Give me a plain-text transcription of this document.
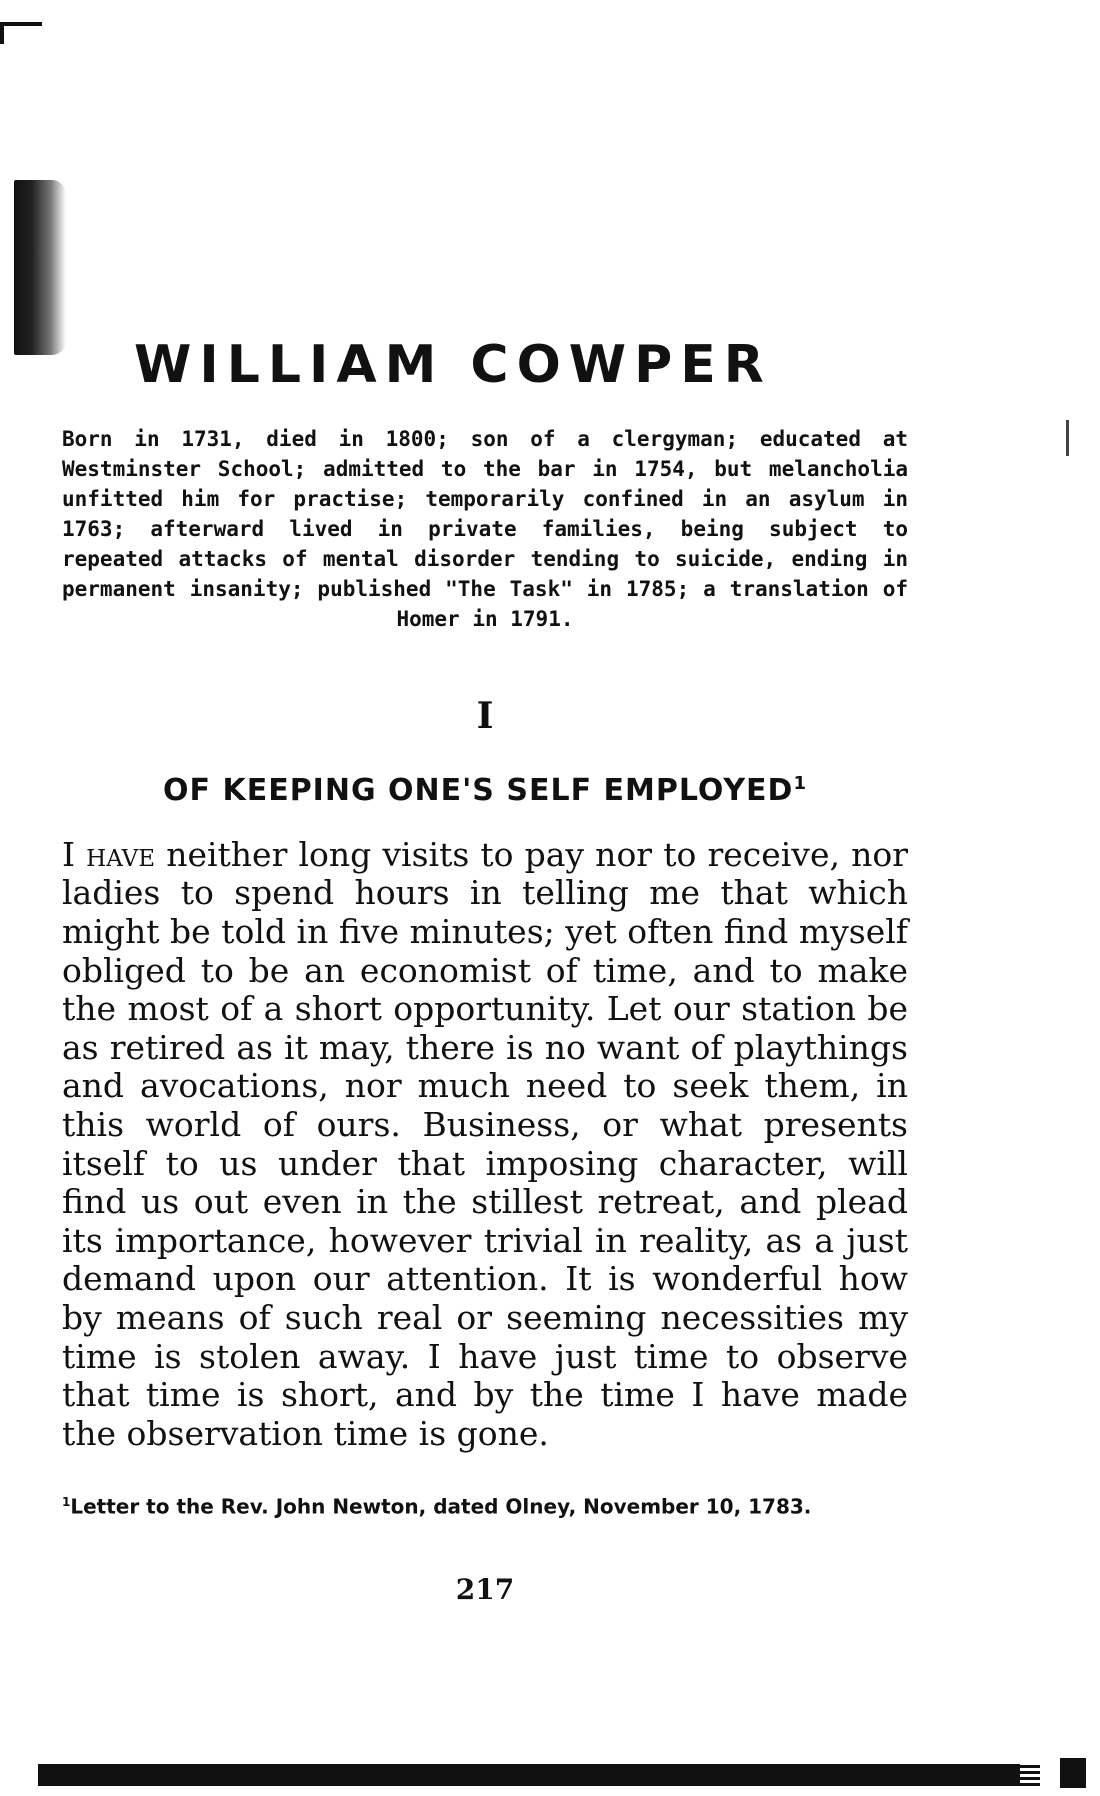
WILLIAM COWPER

Born in 1731, died in 1800; son of a clergyman; educated at Westminster School; admitted to the bar in 1754, but melancholia unfitted him for practise; temporarily confined in an asylum in 1763; afterward lived in private families, being subject to repeated attacks of mental disorder tending to suicide, ending in permanent insanity; published "The Task" in 1785; a translation of Homer in 1791.

I
OF KEEPING ONE'S SELF EMPLOYED$^1$

I have neither long visits to pay nor to receive, nor ladies to spend hours in telling me that which might be told in five minutes; yet often find myself obliged to be an economist of time, and to make the most of a short opportunity. Let our station be as retired as it may, there is no want of playthings and avocations, nor much need to seek them, in this world of ours. Business, or what presents itself to us under that imposing character, will find us out even in the stillest retreat, and plead its importance, however trivial in reality, as a just demand upon our attention. It is wonderful how by means of such real or seeming necessities my time is stolen away. I have just time to observe that time is short, and by the time I have made the observation time is gone.

$^1$Letter to the Rev. John Newton, dated Olney, November 10, 1783.
217
